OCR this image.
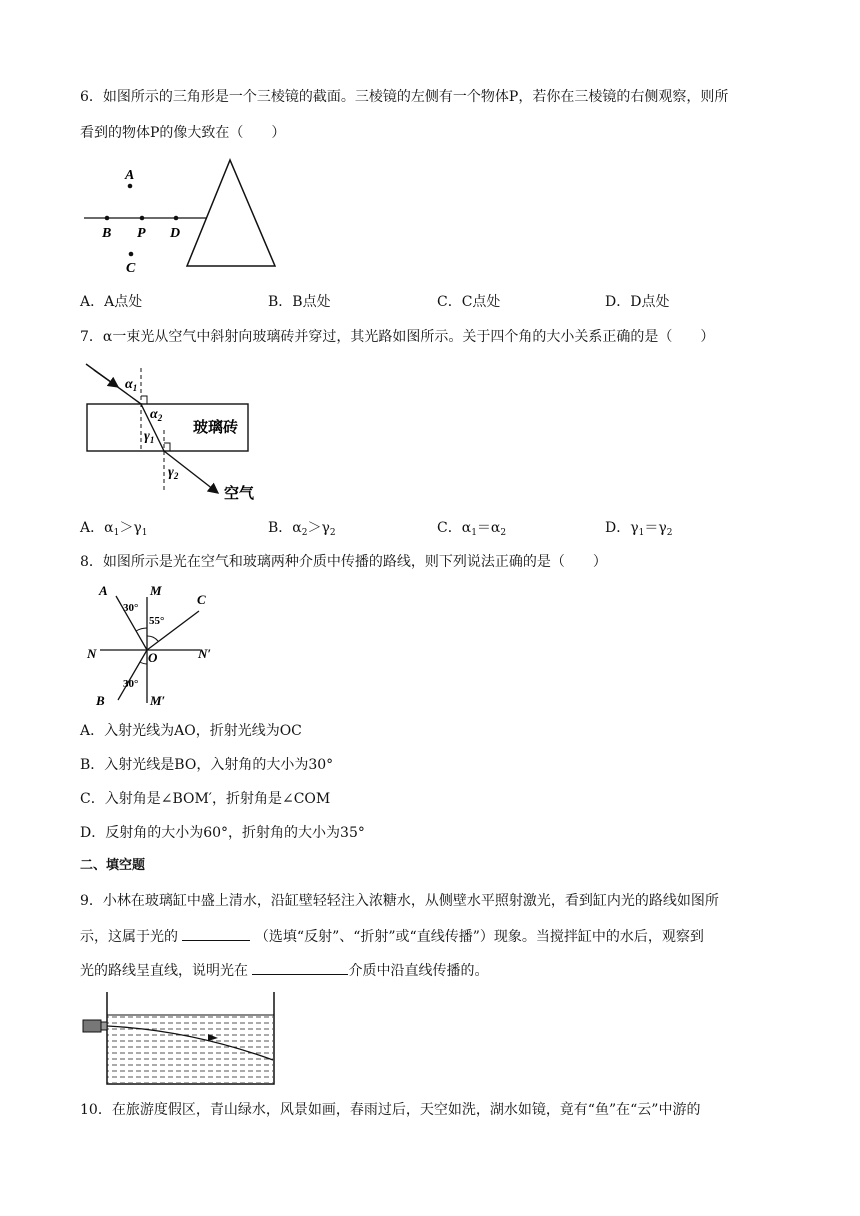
6．如图所示的三角形是一个三棱镜的截面。三棱镜的左侧有一个物体P，若你在三棱镜的右侧观察，则所
看到的物体P的像大致在（　　）
A
B P D
C
A．A点处	B．B点处	C．C点处	D．D点处
7．α一束光从空气中斜射向玻璃砖并穿过，其光路如图所示。关于四个角的大小关系正确的是（　　）
$\alpha_1$
$\alpha_2$
$\gamma_1$
$\gamma_2$
玻璃砖
空气
A．$\alpha_1>\gamma_1$	B．$\alpha_2>\gamma_2$	C．$\alpha_1=\alpha_2$	D．$\gamma_1=\gamma_2$
8．如图所示是光在空气和玻璃两种介质中传播的路线，则下列说法正确的是（　　）
A	M
C
N	O	N′
B	M′
30°
55°
30°
A．入射光线为AO，折射光线为OC
B．入射光线是BO，入射角的大小为30°
C．入射角是∠BOM′，折射角是∠COM
D．反射角的大小为60°，折射角的大小为35°
二、填空题
9．小林在玻璃缸中盛上清水，沿缸壁轻轻注入浓糖水，从侧壁水平照射激光，看到缸内光的路线如图所
示，这属于光的	（选填“反射”、“折射”或“直线传播”）现象。当搅拌缸中的水后，观察到
光的路线呈直线，说明光在	介质中沿直线传播的。
10．在旅游度假区，青山绿水，风景如画，春雨过后，天空如洗，湖水如镜，竟有“鱼”在“云”中游的
